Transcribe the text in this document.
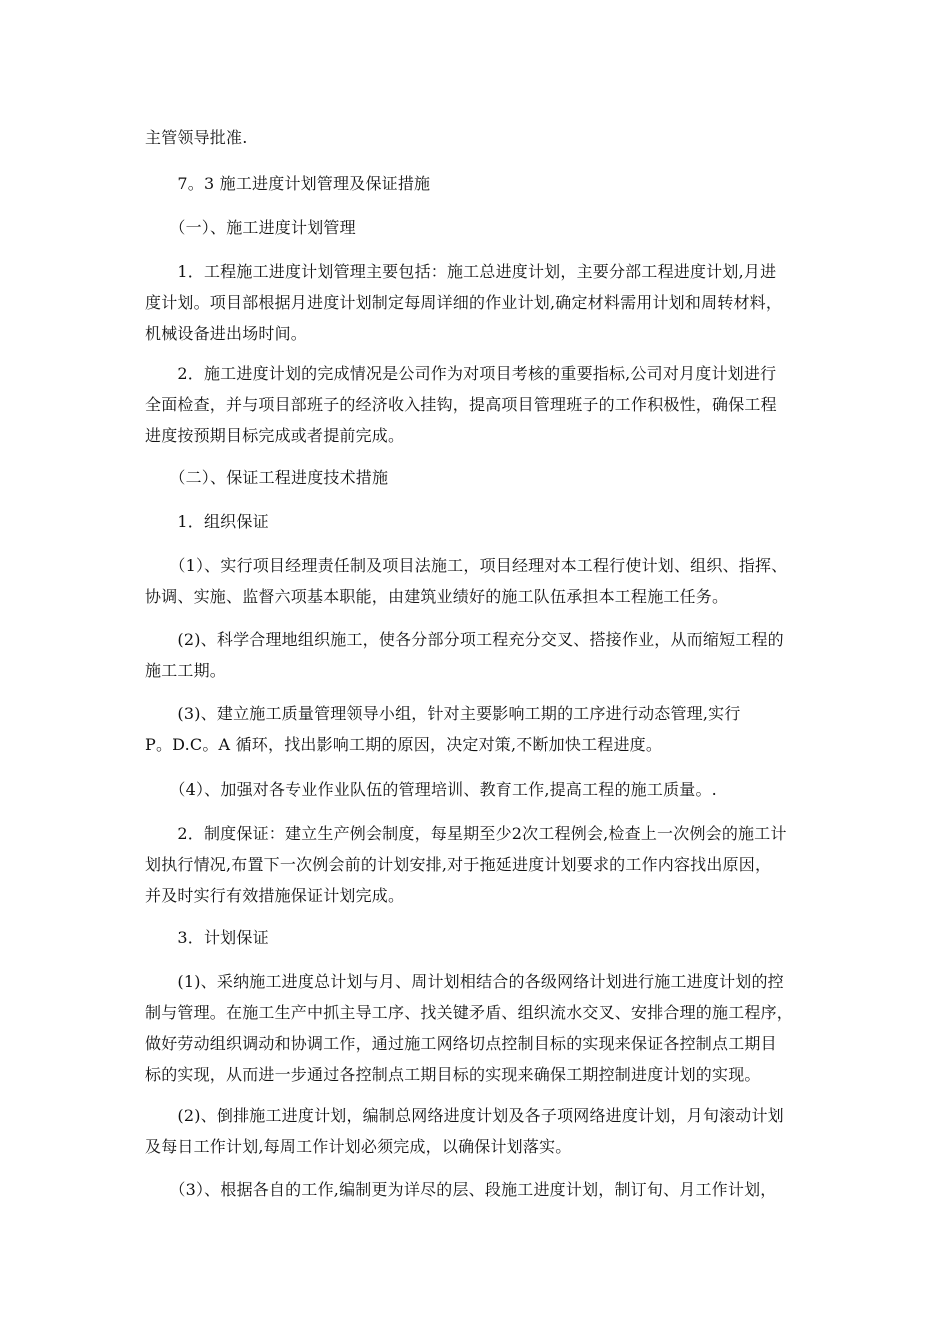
主管领导批准.

　　7。3 施工进度计划管理及保证措施

　　（一）、施工进度计划管理

　　1．工程施工进度计划管理主要包括：施工总进度计划，主要分部工程进度计划,月进
度计划。项目部根据月进度计划制定每周详细的作业计划,确定材料需用计划和周转材料，
机械设备进出场时间。

　　2．施工进度计划的完成情况是公司作为对项目考核的重要指标,公司对月度计划进行
全面检查，并与项目部班子的经济收入挂钩，提高项目管理班子的工作积极性，确保工程
进度按预期目标完成或者提前完成。

　　（二）、保证工程进度技术措施

　　1．组织保证

　　（1）、实行项目经理责任制及项目法施工，项目经理对本工程行使计划、组织、指挥、
协调、实施、监督六项基本职能，由建筑业绩好的施工队伍承担本工程施工任务。

　　(2)、科学合理地组织施工，使各分部分项工程充分交叉、搭接作业，从而缩短工程的
施工工期。

　　(3)、建立施工质量管理领导小组，针对主要影响工期的工序进行动态管理,实行
P。D.C。A 循环，找出影响工期的原因，决定对策,不断加快工程进度。

　　（4）、加强对各专业作业队伍的管理培训、教育工作,提高工程的施工质量。.

　　2．制度保证：建立生产例会制度，每星期至少2次工程例会,检查上一次例会的施工计
划执行情况,布置下一次例会前的计划安排,对于拖延进度计划要求的工作内容找出原因，
并及时实行有效措施保证计划完成。

　　3．计划保证

　　(1)、采纳施工进度总计划与月、周计划相结合的各级网络计划进行施工进度计划的控
制与管理。在施工生产中抓主导工序、找关键矛盾、组织流水交叉、安排合理的施工程序，
做好劳动组织调动和协调工作，通过施工网络切点控制目标的实现来保证各控制点工期目
标的实现，从而进一步通过各控制点工期目标的实现来确保工期控制进度计划的实现。

　　(2)、倒排施工进度计划，编制总网络进度计划及各子项网络进度计划，月旬滚动计划
及每日工作计划,每周工作计划必须完成，以确保计划落实。

　　（3）、根据各自的工作,编制更为详尽的层、段施工进度计划，制订旬、月工作计划，
